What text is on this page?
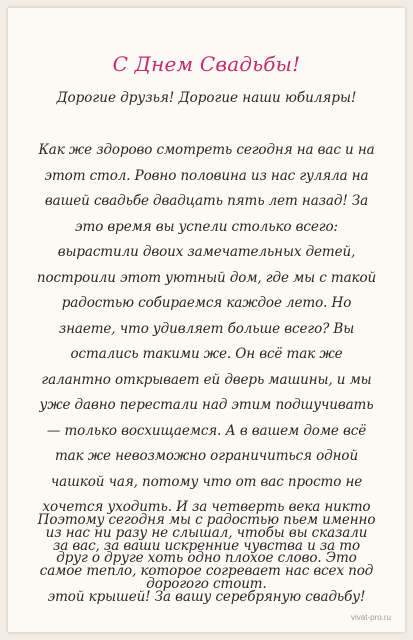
С Днем Свадьбы!
Дорогие друзья! Дорогие наши юбиляры!
Как же здорово смотреть сегодня на вас и на этот стол. Ровно половина из нас гуляла на вашей свадьбе двадцать пять лет назад! За это время вы успели столько всего: вырастили двоих замечательных детей, построили этот уютный дом, где мы с такой радостью собираемся каждое лето. Но знаете, что удивляет больше всего? Вы остались такими же. Он всё так же галантно открывает ей дверь машины, и мы уже давно перестали над этим подшучивать — только восхищаемся. А в вашем доме всё так же невозможно ограничиться одной чашкой чая, потому что от вас просто не хочется уходить. И за четверть века никто из нас ни разу не слышал, чтобы вы сказали друг о друге хоть одно плохое слово. Это дорогого стоит.
Поэтому сегодня мы с радостью пьем именно за вас, за ваши искренние чувства и за то самое тепло, которое согревает нас всех под этой крышей! За вашу серебряную свадьбу!
vivat-pro.ru
